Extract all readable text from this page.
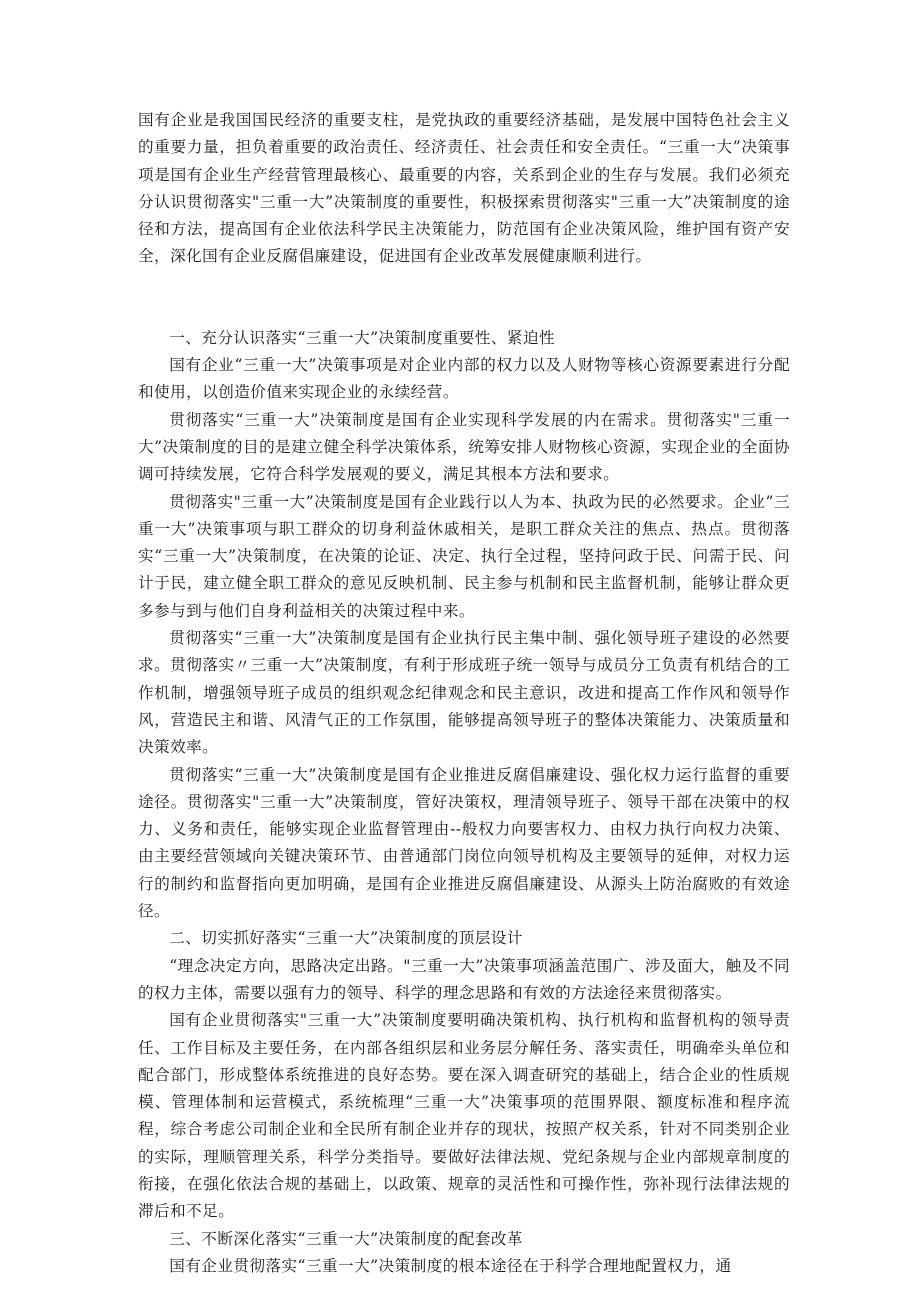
国有企业是我国国民经济的重要支柱，是党执政的重要经济基础，是发展中国特色社会主义的重要力量，担负着重要的政治责任、经济责任、社会责任和安全责任。“三重一大”决策事项是国有企业生产经营管理最核心、最重要的内容，关系到企业的生存与发展。我们必须充分认识贯彻落实"三重一大”决策制度的重要性，积极探索贯彻落实"三重一大”决策制度的途径和方法，提高国有企业依法科学民主决策能力，防范国有企业决策风险，维护国有资产安全，深化国有企业反腐倡廉建设，促进国有企业改革发展健康顺利进行。

一、充分认识落实“三重一大”决策制度重要性、紧迫性

国有企业“三重一大”决策事项是对企业内部的权力以及人财物等核心资源要素进行分配和使用，以创造价值来实现企业的永续经营。

贯彻落实“三重一大”决策制度是国有企业实现科学发展的内在需求。贯彻落实"三重一大”决策制度的目的是建立健全科学决策体系，统筹安排人财物核心资源，实现企业的全面协调可持续发展，它符合科学发展观的要义，满足其根本方法和要求。

贯彻落实"三重一大”决策制度是国有企业践行以人为本、执政为民的必然要求。企业”三重一大”决策事项与职工群众的切身利益休戚相关，是职工群众关注的焦点、热点。贯彻落实“三重一大”决策制度，在决策的论证、决定、执行全过程，坚持问政于民、问需于民、问计于民，建立健全职工群众的意见反映机制、民主参与机制和民主监督机制，能够让群众更多参与到与他们自身利益相关的决策过程中来。

贯彻落实“三重一大”决策制度是国有企业执行民主集中制、强化领导班子建设的必然要求。贯彻落实〃三重一大”决策制度，有利于形成班子统一领导与成员分工负责有机结合的工作机制，增强领导班子成员的组织观念纪律观念和民主意识，改进和提高工作作风和领导作风，营造民主和谐、风清气正的工作氛围，能够提高领导班子的整体决策能力、决策质量和决策效率。

贯彻落实“三重一大”决策制度是国有企业推进反腐倡廉建设、强化权力运行监督的重要途径。贯彻落实"三重一大”决策制度，管好决策权，理清领导班子、领导干部在决策中的权力、义务和责任，能够实现企业监督管理由--般权力向要害权力、由权力执行向权力决策、由主要经营领域向关键决策环节、由普通部门岗位向领导机构及主要领导的延伸，对权力运行的制约和监督指向更加明确，是国有企业推进反腐倡廉建设、从源头上防治腐败的有效途径。

二、切实抓好落实“三重一大”决策制度的顶层设计

“理念决定方向，思路决定出路。"三重一大”决策事项涵盖范围广、涉及面大，触及不同的权力主体，需要以强有力的领导、科学的理念思路和有效的方法途径来贯彻落实。

国有企业贯彻落实"三重一大”决策制度要明确决策机构、执行机构和监督机构的领导责任、工作目标及主要任务，在内部各组织层和业务层分解任务、落实责任，明确牵头单位和配合部门，形成整体系统推进的良好态势。要在深入调查研究的基础上，结合企业的性质规模、管理体制和运营模式，系统梳理“三重一大”决策事项的范围界限、额度标准和程序流程，综合考虑公司制企业和全民所有制企业并存的现状，按照产权关系，针对不同类别企业的实际，理顺管理关系，科学分类指导。要做好法律法规、党纪条规与企业内部规章制度的衔接，在强化依法合规的基础上，以政策、规章的灵活性和可操作性，弥补现行法律法规的滞后和不足。

三、不断深化落实“三重一大”决策制度的配套改革

国有企业贯彻落实“三重一大”决策制度的根本途径在于科学合理地配置权力，通
